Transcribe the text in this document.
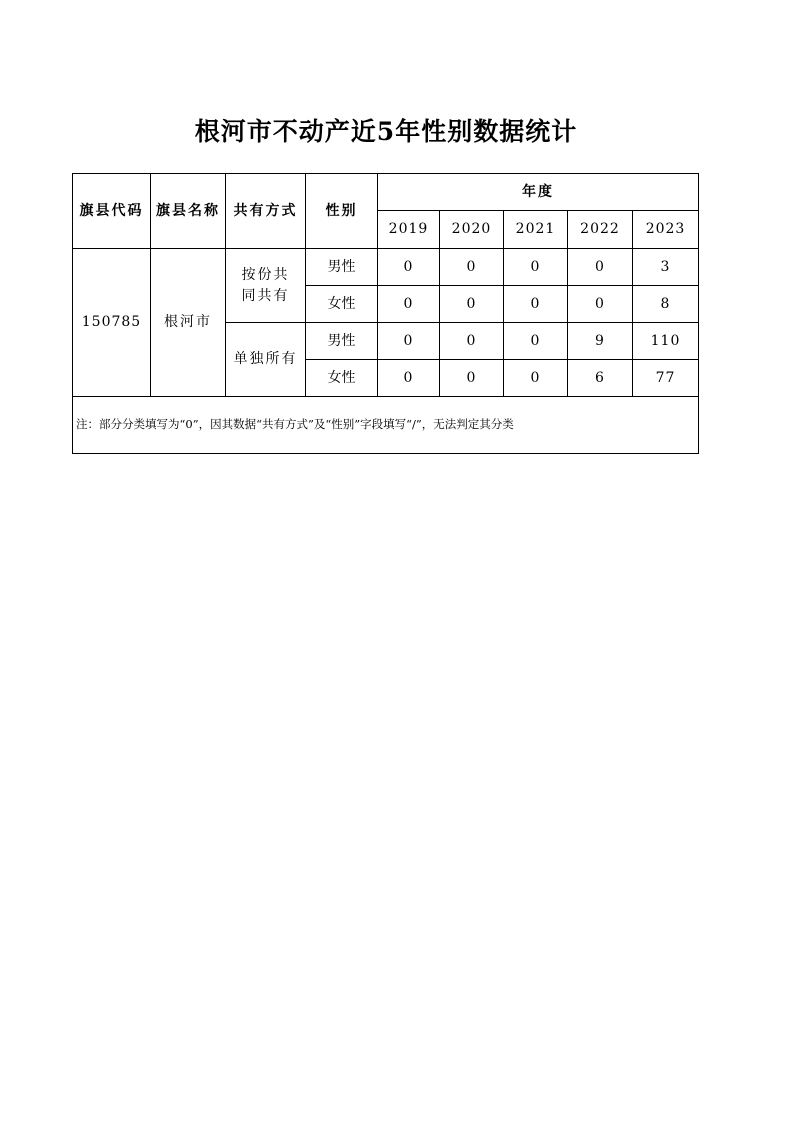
根河市不动产近5年性别数据统计
旗县代码	旗县名称	共有方式	性别	年度				
				2019	2020	2021	2022	2023
150785	根河市	按份共同共有	男性	0	0	0	0	3
			女性	0	0	0	0	8
		单独所有	男性	0	0	0	9	110
			女性	0	0	0	6	77
注：部分分类填写为“0”，因其数据“共有方式”及“性别”字段填写“/”，无法判定其分类								
